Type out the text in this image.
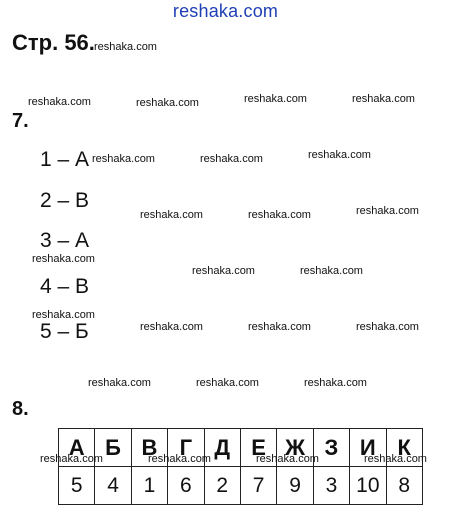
reshaka.com
Стр. 56.
7.
1 – А
2 – В
3 – А
4 – В
5 – Б
8.
А	Б	В	Г	Д	Е	Ж	З	И	К
5	4	1	6	2	7	9	3	10	8
reshaka.com
reshaka.com	reshaka.com	reshaka.com	reshaka.com
reshaka.com	reshaka.com	reshaka.com
reshaka.com	reshaka.com	reshaka.com
reshaka.com
reshaka.com	reshaka.com
reshaka.com
reshaka.com	reshaka.com	reshaka.com
reshaka.com	reshaka.com	reshaka.com
reshaka.com	reshaka.com	reshaka.com	reshaka.com
